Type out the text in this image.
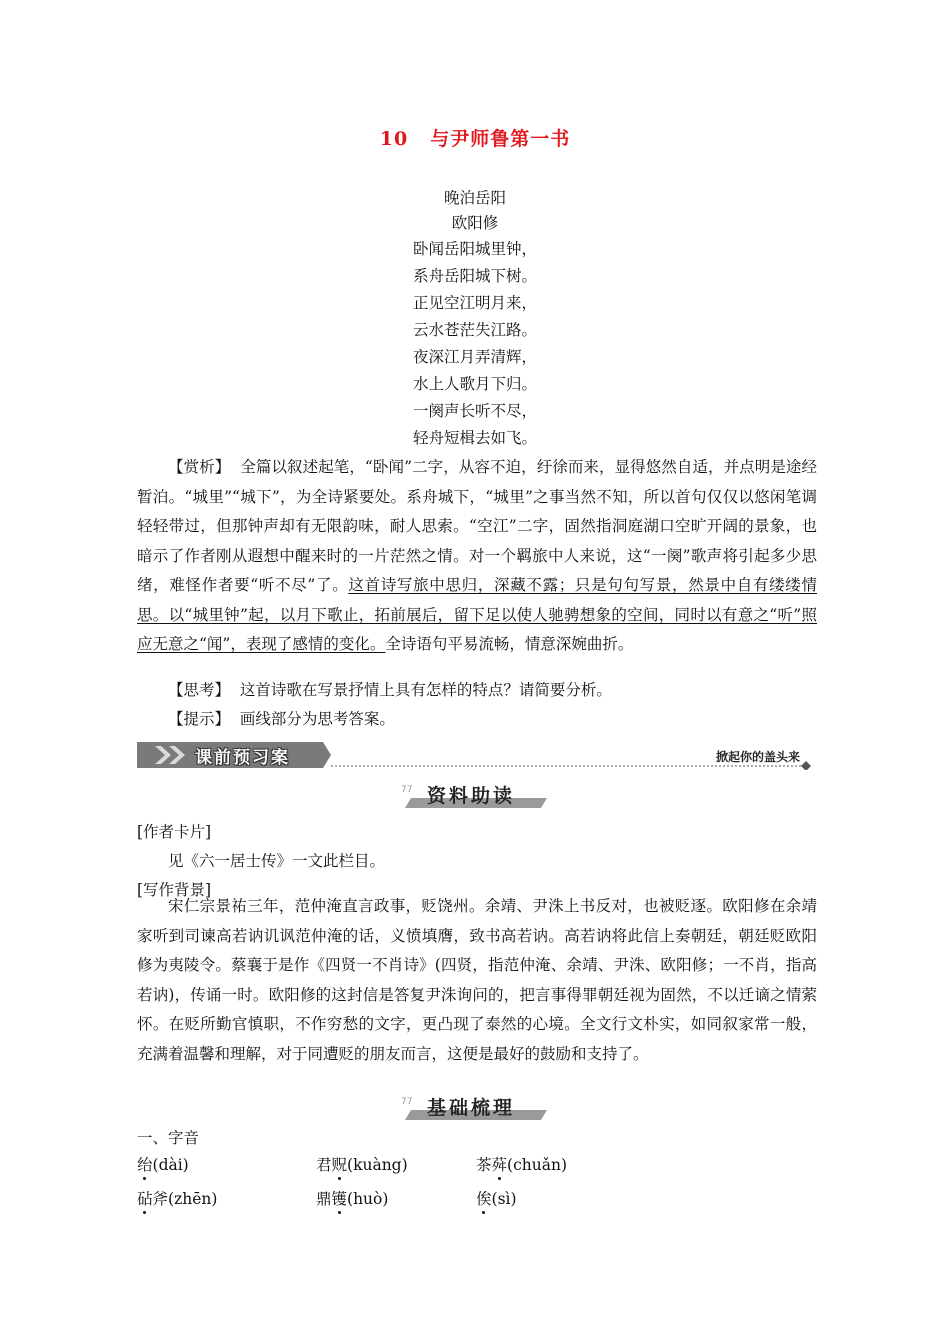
10 与尹师鲁第一书
晚泊岳阳
欧阳修
卧闻岳阳城里钟，
系舟岳阳城下树。
正见空江明月来，
云水苍茫失江路。
夜深江月弄清辉，
水上人歌月下归。
一阕声长听不尽，
轻舟短楫去如飞。
【赏析】 全篇以叙述起笔，“卧闻”二字，从容不迫，纡徐而来，显得悠然自适，并点明是途经暂泊。“城里”“城下”，为全诗紧要处。系舟城下，“城里”之事当然不知，所以首句仅仅以悠闲笔调轻轻带过，但那钟声却有无限韵味，耐人思索。“空江”二字，固然指洞庭湖口空旷开阔的景象，也暗示了作者刚从遐想中醒来时的一片茫然之情。对一个羁旅中人来说，这“一阕”歌声将引起多少思绪，难怪作者要“听不尽”了。这首诗写旅中思归，深藏不露；只是句句写景，然景中自有缕缕情思。以“城里钟”起，以月下歌止，拓前展后，留下足以使人驰骋想象的空间，同时以有意之“听”照应无意之“闻”，表现了感情的变化。全诗语句平易流畅，情意深婉曲折。
【思考】 这首诗歌在写景抒情上具有怎样的特点？请简要分析。
【提示】 画线部分为思考答案。
课前预习案	掀起你的盖头来
77 资料助读
[作者卡片]
见《六一居士传》一文此栏目。
[写作背景]
宋仁宗景祐三年，范仲淹直言政事，贬饶州。余靖、尹洙上书反对，也被贬逐。欧阳修在余靖家听到司谏高若讷讥讽范仲淹的话，义愤填膺，致书高若讷。高若讷将此信上奏朝廷，朝廷贬欧阳修为夷陵令。蔡襄于是作《四贤一不肖诗》(四贤，指范仲淹、余靖、尹洙、欧阳修；一不肖，指高若讷)，传诵一时。欧阳修的这封信是答复尹洙询问的，把言事得罪朝廷视为固然，不以迁谪之情萦怀。在贬所勤官慎职，不作穷愁的文字，更凸现了泰然的心境。全文行文朴实，如同叙家常一般，充满着温馨和理解，对于同遭贬的朋友而言，这便是最好的鼓励和支持了。
77 基础梳理
一、字音
绐(dài)	君贶(kuàng)	茶荈(chuǎn)
砧斧(zhēn)	鼎镬(huò)	俟(sì)
